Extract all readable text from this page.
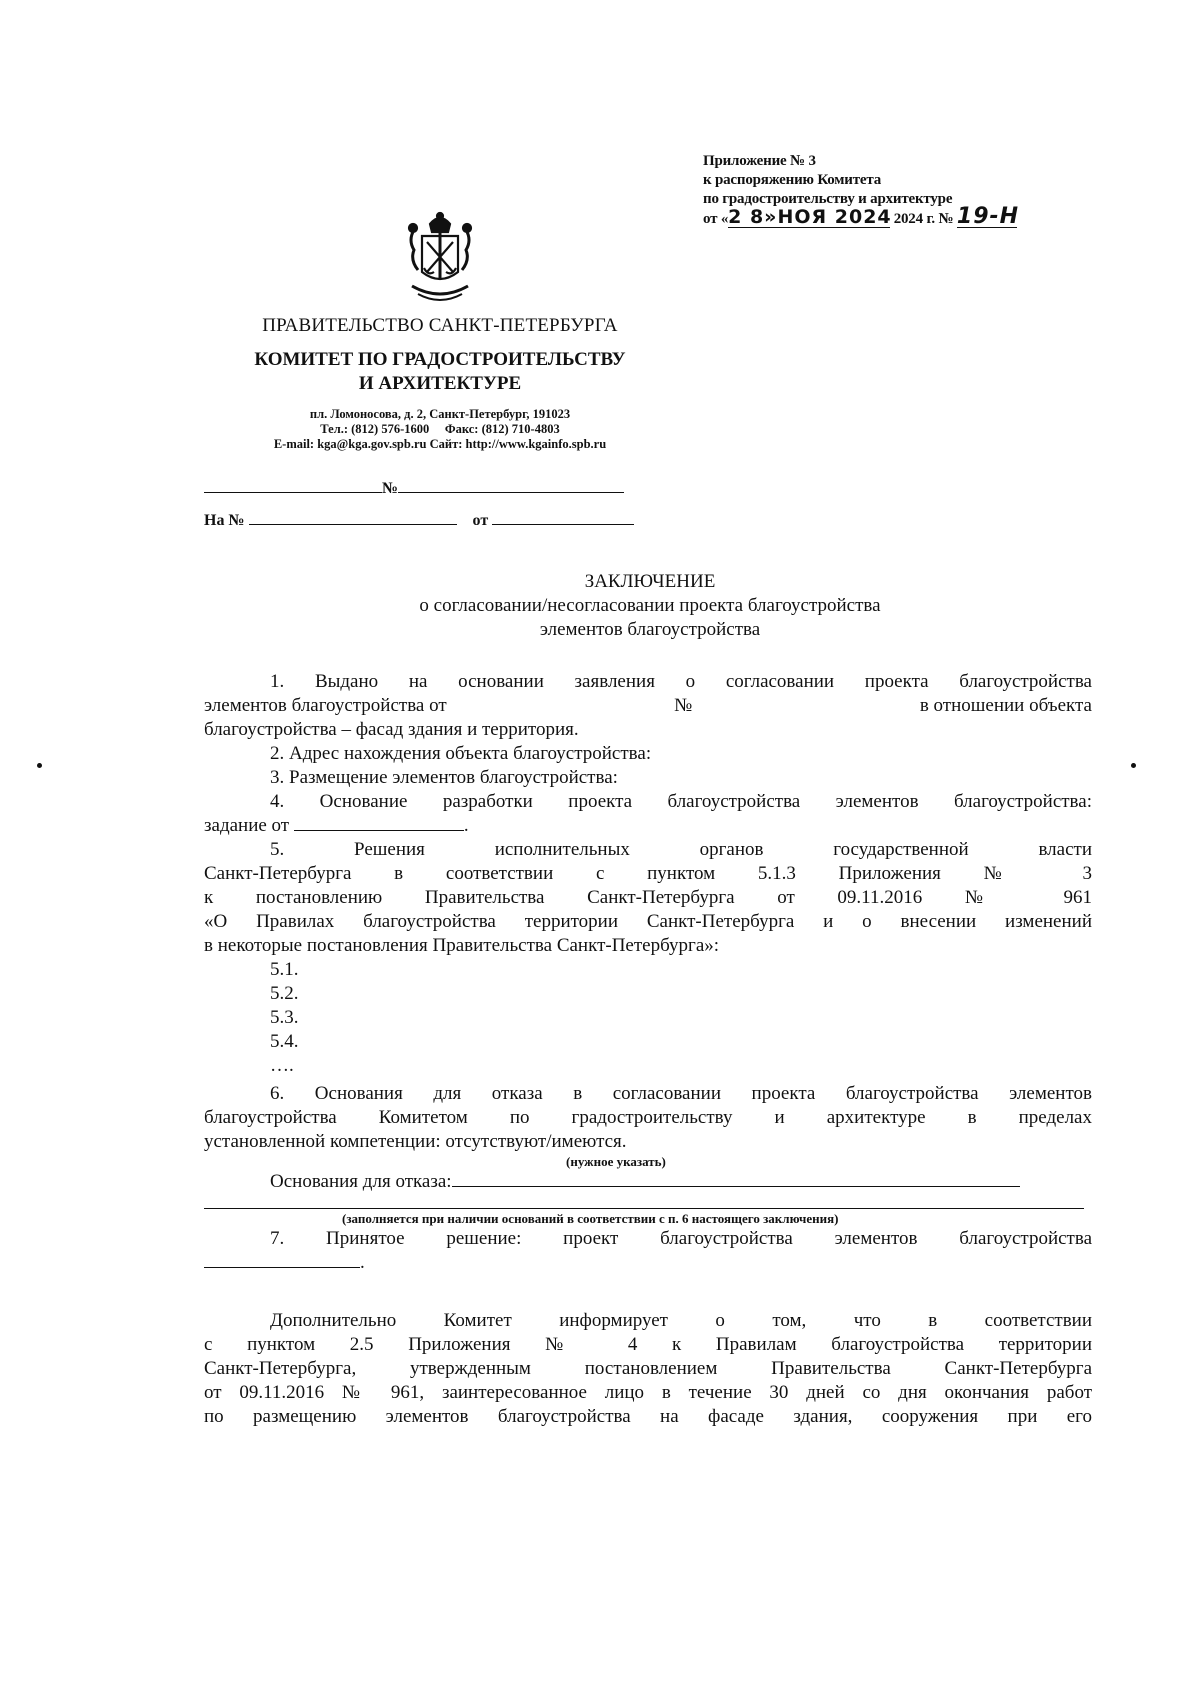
Приложение № 3
к распоряжению Комитета
по градостроительству и архитектуре
от «2 8»НОЯ 2024 2024 г. № 19-Н
ПРАВИТЕЛЬСТВО САНКТ-ПЕТЕРБУРГА
КОМИТЕТ ПО ГРАДОСТРОИТЕЛЬСТВУ
И АРХИТЕКТУРЕ
пл. Ломоносова, д. 2, Санкт-Петербург, 191023
Тел.: (812) 576-1600 Факс: (812) 710-4803
E-mail: kga@kga.gov.spb.ru Сайт: http://www.kgainfo.spb.ru
№
На №	от
ЗАКЛЮЧЕНИЕ
о согласовании/несогласовании проекта благоустройства
элементов благоустройства

1. Выдано на основании заявления о согласовании проекта благоустройства

элементов благоустройства от	№	в отношении объекта

благоустройства – фасад здания и территория.

2. Адрес нахождения объекта благоустройства:

3. Размещение элементов благоустройства:

4. Основание разработки проекта благоустройства элементов благоустройства:

задание от	.

5. Решения исполнительных органов государственной власти

Санкт-Петербурга в соответствии с пунктом 5.1.3 Приложения № 3

к постановлению Правительства Санкт-Петербурга от 09.11.2016 № 961

«О Правилах благоустройства территории Санкт-Петербурга и о внесении изменений

в некоторые постановления Правительства Санкт-Петербурга»:

5.1.
5.2.
5.3.
5.4.
….

6. Основания для отказа в согласовании проекта благоустройства элементов

благоустройства Комитетом по градостроительству и архитектуре в пределах

установленной компетенции: отсутствуют/имеются.

(нужное указать)

Основания для отказа:

(заполняется при наличии оснований в соответствии с п. 6 настоящего заключения)

7. Принятое решение: проект благоустройства элементов благоустройства

.

Дополнительно Комитет информирует о том, что в соответствии

с пунктом 2.5 Приложения № 4 к Правилам благоустройства территории

Санкт-Петербурга, утвержденным постановлением Правительства Санкт-Петербурга

от 09.11.2016 № 961, заинтересованное лицо в течение 30 дней со дня окончания работ

по размещению элементов благоустройства на фасаде здания, сооружения при его
